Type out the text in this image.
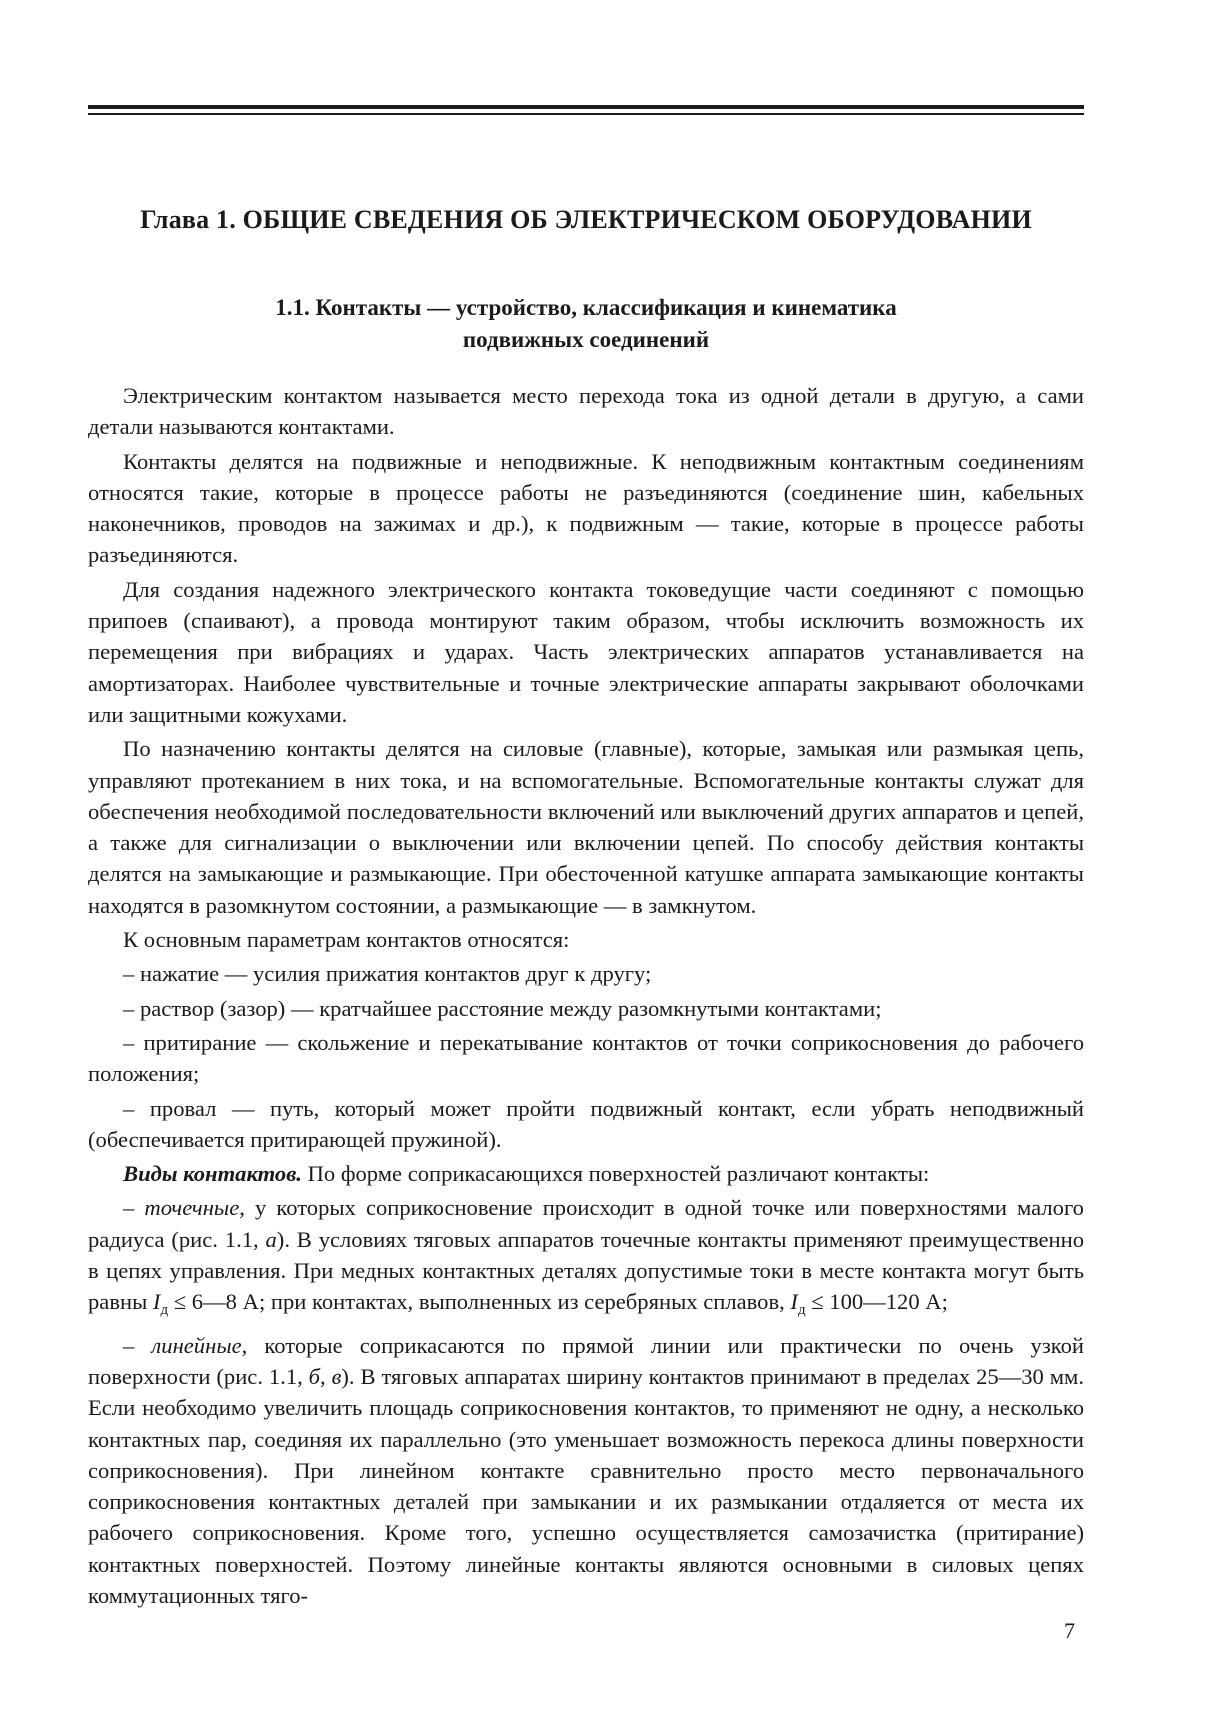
Глава 1. ОБЩИЕ СВЕДЕНИЯ ОБ ЭЛЕКТРИЧЕСКОМ ОБОРУДОВАНИИ
1.1. Контакты — устройство, классификация и кинематика
подвижных соединений

Электрическим контактом называется место перехода тока из одной детали в другую, а сами детали называются контактами.

Контакты делятся на подвижные и неподвижные. К неподвижным контактным соединениям относятся такие, которые в процессе работы не разъединяются (соединение шин, кабельных наконечников, проводов на зажимах и др.), к подвижным — такие, которые в процессе работы разъединяются.

Для создания надежного электрического контакта токоведущие части соединяют с помощью припоев (спаивают), а провода монтируют таким образом, чтобы исключить возможность их перемещения при вибрациях и ударах. Часть электрических аппаратов устанавливается на амортизаторах. Наиболее чувствительные и точные электрические аппараты закрывают оболочками или защитными кожухами.

По назначению контакты делятся на силовые (главные), которые, замыкая или размыкая цепь, управляют протеканием в них тока, и на вспомогательные. Вспомогательные контакты служат для обеспечения необходимой последовательности включений или выключений других аппаратов и цепей, а также для сигнализации о выключении или включении цепей. По способу действия контакты делятся на замыкающие и размыкающие. При обесточенной катушке аппарата замыкающие контакты находятся в разомкнутом состоянии, а размыкающие — в замкнутом.

К основным параметрам контактов относятся:

– нажатие — усилия прижатия контактов друг к другу;

– раствор (зазор) — кратчайшее расстояние между разомкнутыми контактами;

– притирание — скольжение и перекатывание контактов от точки соприкосновения до рабочего положения;

– провал — путь, который может пройти подвижный контакт, если убрать неподвижный (обеспечивается притирающей пружиной).

Виды контактов. По форме соприкасающихся поверхностей различают контакты:

– точечные, у которых соприкосновение происходит в одной точке или поверхностями малого радиуса (рис. 1.1, а). В условиях тяговых аппаратов точечные контакты применяют преимущественно в цепях управления. При медных контактных деталях допустимые токи в месте контакта могут быть равны $I_д$ ≤ 6—8 А; при контактах, выполненных из серебряных сплавов, $I_д$ ≤ 100—120 А;

– линейные, которые соприкасаются по прямой линии или практически по очень узкой поверхности (рис. 1.1, б, в). В тяговых аппаратах ширину контактов принимают в пределах 25—30 мм. Если необходимо увеличить площадь соприкосновения контактов, то применяют не одну, а несколько контактных пар, соединяя их параллельно (это уменьшает возможность перекоса длины поверхности соприкосновения). При линейном контакте сравнительно просто место первоначального соприкосновения контактных деталей при замыкании и их размыкании отдаляется от места их рабочего соприкосновения. Кроме того, успешно осуществляется самозачистка (притирание) контактных поверхностей. Поэтому линейные контакты являются основными в силовых цепях коммутационных тяго-

7
